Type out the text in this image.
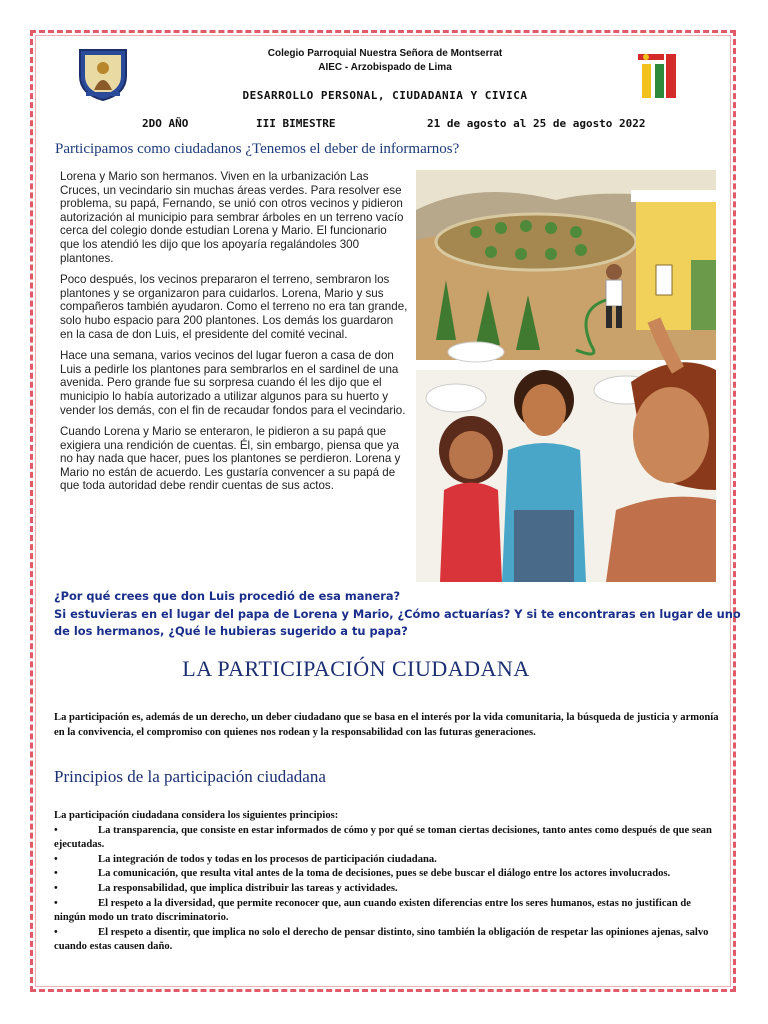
Colegio Parroquial Nuestra Señora de Montserrat
AIEC - Arzobispado de Lima
DESARROLLO PERSONAL, CIUDADANIA Y CIVICA
2DO AÑO	III BIMESTRE	21 de agosto al 25 de agosto 2022
Participamos como ciudadanos ¿Tenemos el deber de informarnos?

Lorena y Mario son hermanos. Viven en la urbanización Las Cruces, un vecindario sin muchas áreas verdes. Para resolver ese problema, su papá, Fernando, se unió con otros vecinos y pidieron autorización al municipio para sembrar árboles en un terreno vacío cerca del colegio donde estudian Lorena y Mario. El funcionario que los atendió les dijo que los apoyaría regalándoles 300 plantones.

Poco después, los vecinos prepararon el terreno, sembraron los plantones y se organizaron para cuidarlos. Lorena, Mario y sus compañeros también ayudaron. Como el terreno no era tan grande, solo hubo espacio para 200 plantones. Los demás los guardaron en la casa de don Luis, el presidente del comité vecinal.

Hace una semana, varios vecinos del lugar fueron a casa de don Luis a pedirle los plantones para sembrarlos en el sardinel de una avenida. Pero grande fue su sorpresa cuando él les dijo que el municipio lo había autorizado a utilizar algunos para su huerto y vender los demás, con el fin de recaudar fondos para el vecindario.

Cuando Lorena y Mario se enteraron, le pidieron a su papá que exigiera una rendición de cuentas. Él, sin embargo, piensa que ya no hay nada que hacer, pues los plantones se perdieron. Lorena y Mario no están de acuerdo. Les gustaría convencer a su papá de que toda autoridad debe rendir cuentas de sus actos.

¿Por qué crees que don Luis procedió de esa manera?
Si estuvieras en el lugar del papa de Lorena y Mario, ¿Cómo actuarías? Y si te encontraras en lugar de uno
de los hermanos, ¿Qué le hubieras sugerido a tu papa?
LA PARTICIPACIÓN CIUDADANA
La participación es, además de un derecho, un deber ciudadano que se basa en el interés por la vida comunitaria, la búsqueda de justicia y armonía en la convivencia, el compromiso con quienes nos rodean y la responsabilidad con las futuras generaciones.
Principios de la participación ciudadana

La participación ciudadana considera los siguientes principios:

•	La transparencia, que consiste en estar informados de cómo y por qué se toman ciertas decisiones, tanto antes como después de que sean ejecutadas.
•	La integración de todos y todas en los procesos de participación ciudadana.
•	La comunicación, que resulta vital antes de la toma de decisiones, pues se debe buscar el diálogo entre los actores involucrados.
•	La responsabilidad, que implica distribuir las tareas y actividades.
•	El respeto a la diversidad, que permite reconocer que, aun cuando existen diferencias entre los seres humanos, estas no justifican de ningún modo un trato discriminatorio.
•	El respeto a disentir, que implica no solo el derecho de pensar distinto, sino también la obligación de respetar las opiniones ajenas, salvo cuando estas causen daño.
